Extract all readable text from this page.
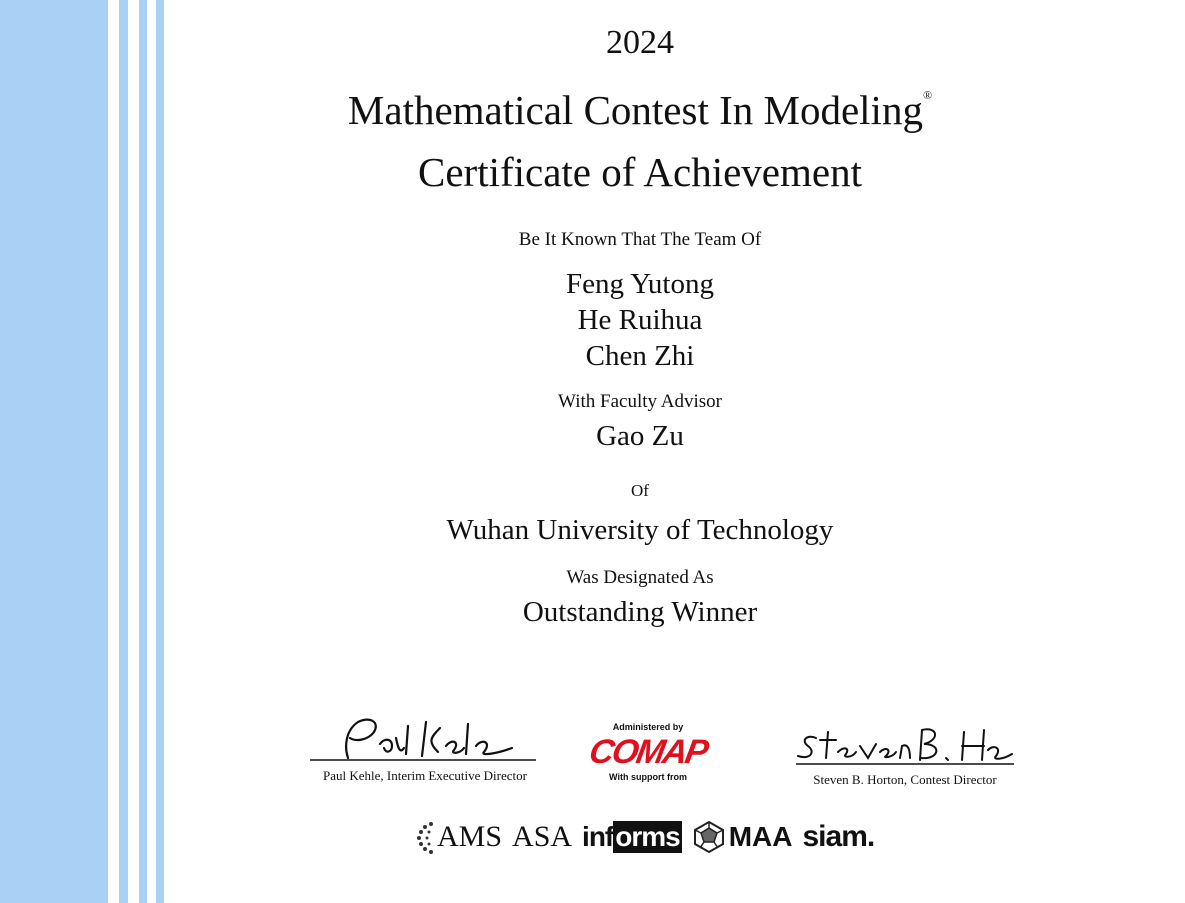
2024
Mathematical Contest In Modeling®
Certificate of Achievement
Be It Known That The Team Of
Feng Yutong
He Ruihua
Chen Zhi
With Faculty Advisor
Gao Zu
Of
Wuhan University of Technology
Was Designated As
Outstanding Winner
Paul Kehle, Interim Executive Director
Administered by
COMAP
With support from	Steven B. Horton, Contest Director
AMS ASA inf orms MAA siam.
